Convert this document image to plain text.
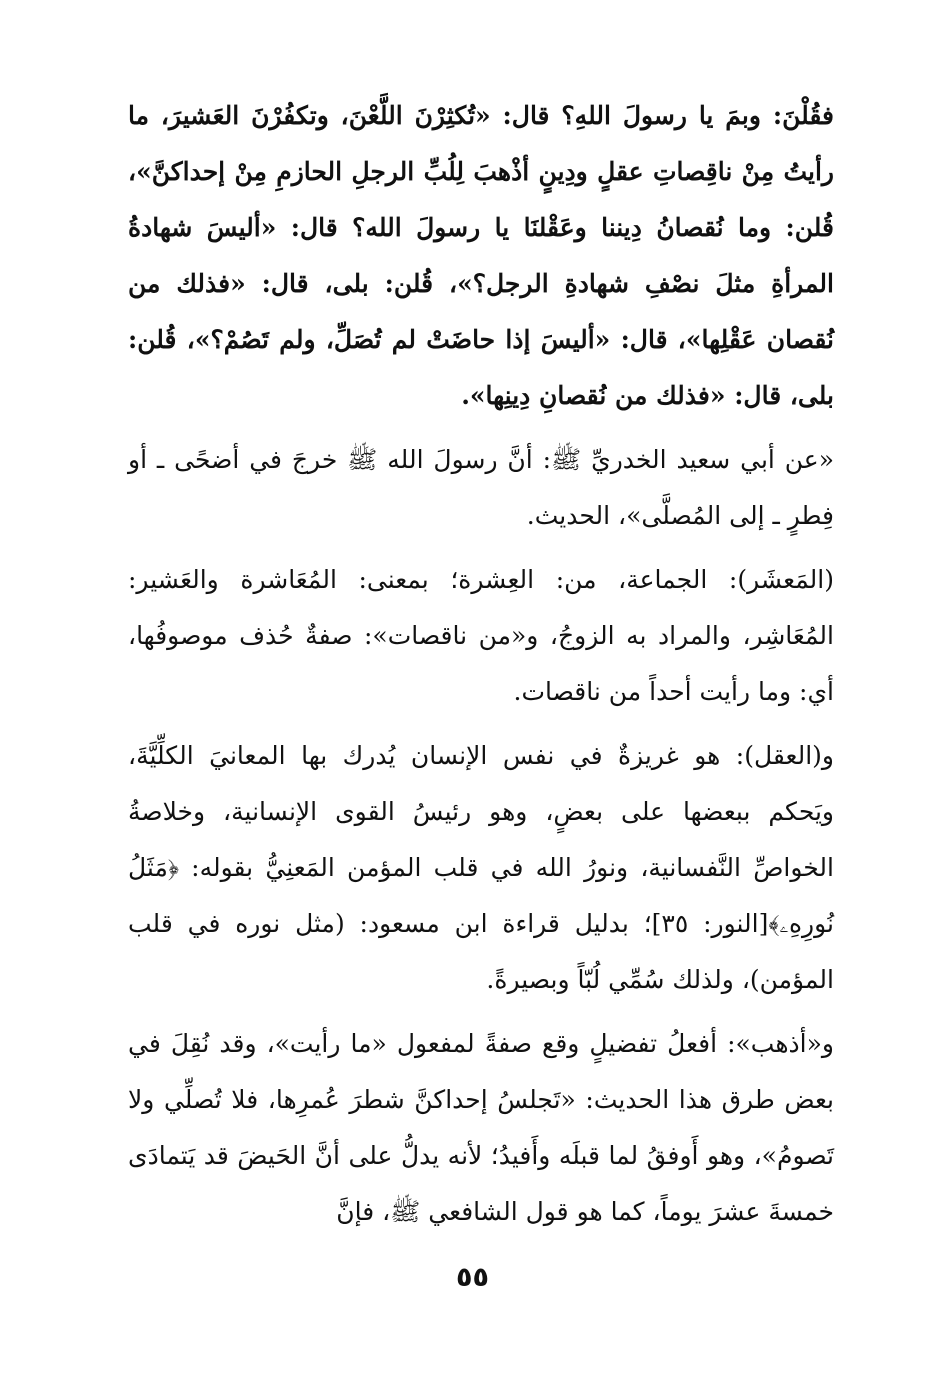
فقُلْنَ: وبمَ يا رسولَ اللهِ؟ قال: «تُكثِرْنَ اللَّعْنَ، وتكفُرْنَ العَشيرَ، ما رأيتُ مِنْ ناقِصاتِ عقلٍ ودِينٍ أذْهبَ لِلُبِّ الرجلِ الحازمِ مِنْ إحداكنَّ»، قُلن: وما نُقصانُ دِيننا وعَقْلنَا يا رسولَ الله؟ قال: «أليسَ شهادةُ المرأةِ مثلَ نصْفِ شهادةِ الرجل؟»، قُلن: بلى، قال: «فذلك من نُقصان عَقْلِها»، قال: «أليسَ إذا حاضَتْ لم تُصَلِّ، ولم تَصُمْ؟»، قُلن: بلى، قال: «فذلك من نُقصانِ دِينِها».

«عن أبي سعيد الخدريِّ ﷺ: أنَّ رسولَ الله ﷺ خرجَ في أضحًى ـ أو فِطرٍ ـ إلى المُصلَّى»، الحديث.

(المَعشَر): الجماعة، من: العِشرة؛ بمعنى: المُعَاشرة والعَشير: المُعَاشِر، والمراد به الزوجُ، و«من ناقصات»: صفةٌ حُذف موصوفُها، أي: وما رأيت أحداً من ناقصات.

و(العقل): هو غريزةٌ في نفس الإنسان يُدرك بها المعانيَ الكلِّيَّةَ، ويَحكم ببعضها على بعضٍ، وهو رئيسُ القوى الإنسانية، وخلاصةُ الخواصِّ النَّفسانية، ونورُ الله في قلب المؤمن المَعنِيُّ بقوله: ﴿مَثَلُ نُورِهِۦ﴾[النور: ٣٥]؛ بدليل قراءة ابن مسعود: (مثل نوره في قلب المؤمن)، ولذلك سُمِّي لُبّاً وبصيرةً.

و«أذهب»: أفعلُ تفضيلٍ وقع صفةً لمفعول «ما رأيت»، وقد نُقِلَ في بعض طرق هذا الحديث: «تَجلسُ إحداكنَّ شطرَ عُمرِها، فلا تُصلِّي ولا تَصومُ»، وهو أَوفقُ لما قبلَه وأَفيدُ؛ لأنه يدلُّ على أنَّ الحَيضَ قد يَتمادَى خمسةَ عشرَ يوماً، كما هو قول الشافعي ﷺ، فإنَّ

٥٥
